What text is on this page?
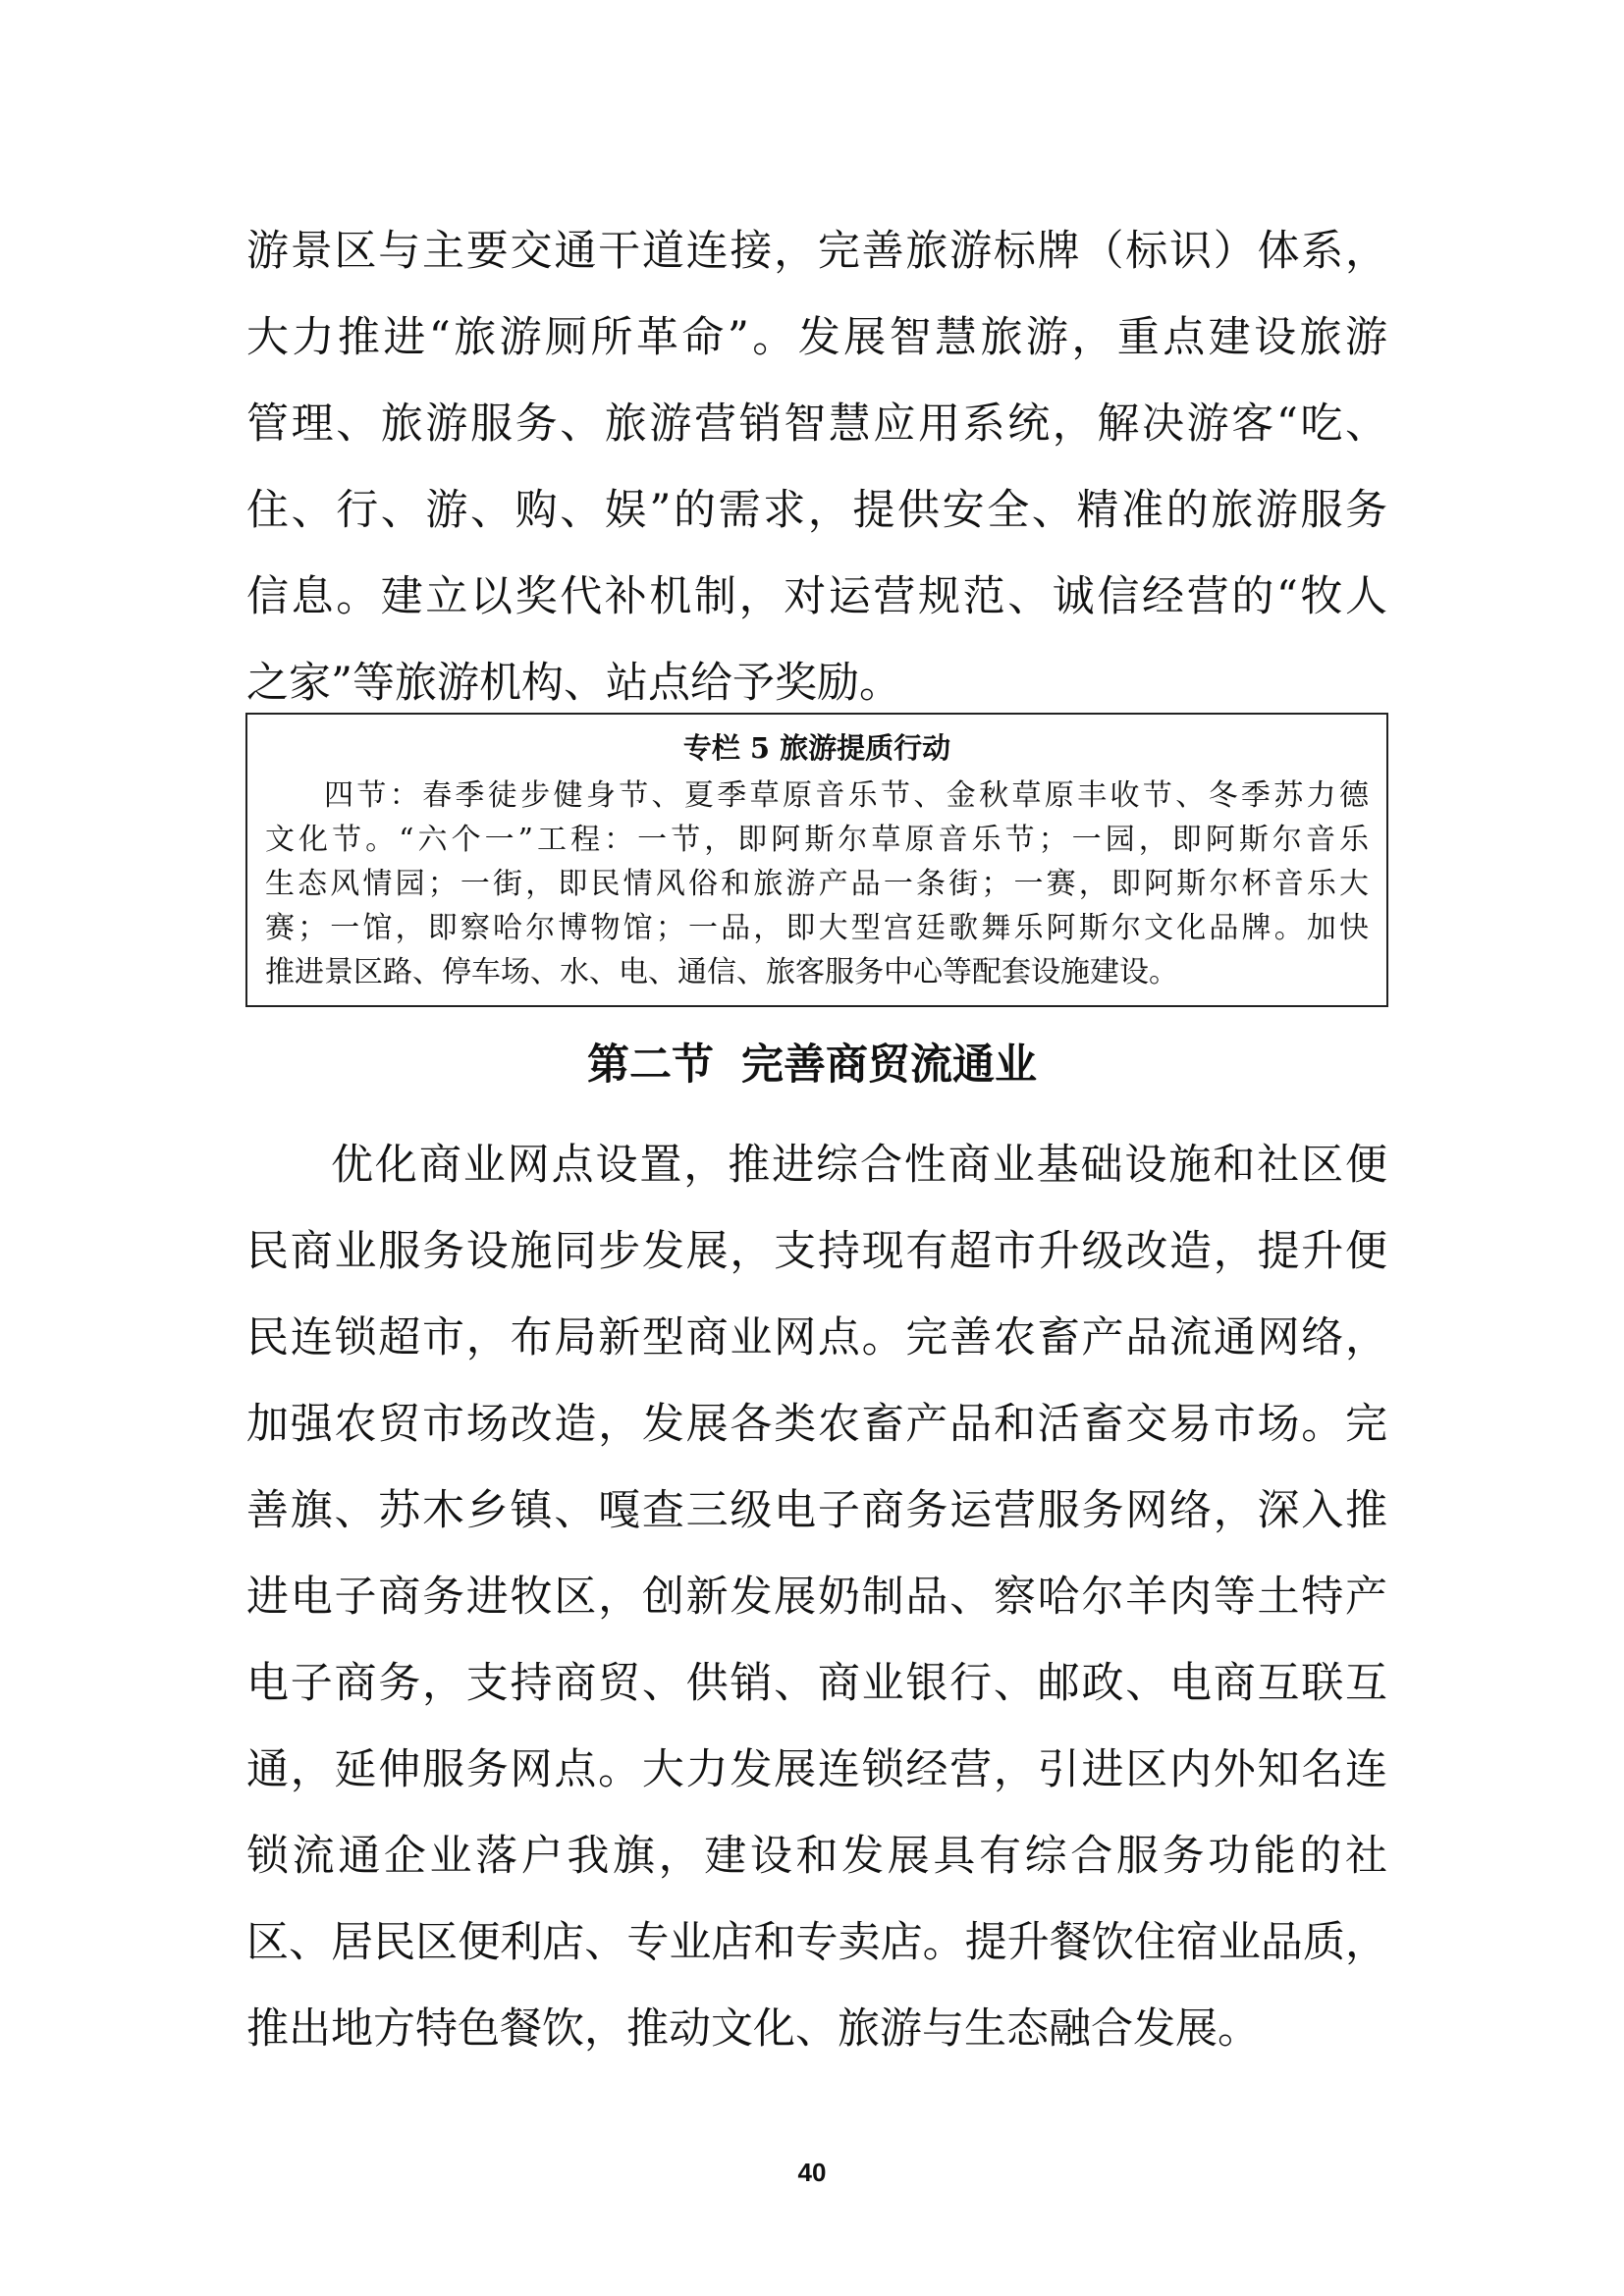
游景区与主要交通干道连接，完善旅游标牌（标识）体系，
大力推进“旅游厕所革命”。发展智慧旅游，重点建设旅游
管理、旅游服务、旅游营销智慧应用系统，解决游客“吃、
住、行、游、购、娱”的需求，提供安全、精准的旅游服务
信息。建立以奖代补机制，对运营规范、诚信经营的“牧人
之家”等旅游机构、站点给予奖励。
专栏 5 旅游提质行动
四节：春季徒步健身节、夏季草原音乐节、金秋草原丰收节、冬季苏力德
文化节。“六个一”工程：一节，即阿斯尔草原音乐节；一园，即阿斯尔音乐
生态风情园；一街，即民情风俗和旅游产品一条街；一赛，即阿斯尔杯音乐大
赛；一馆，即察哈尔博物馆；一品，即大型宫廷歌舞乐阿斯尔文化品牌。加快
推进景区路、停车场、水、电、通信、旅客服务中心等配套设施建设。
第二节 完善商贸流通业
优化商业网点设置，推进综合性商业基础设施和社区便
民商业服务设施同步发展，支持现有超市升级改造，提升便
民连锁超市，布局新型商业网点。完善农畜产品流通网络，
加强农贸市场改造，发展各类农畜产品和活畜交易市场。完
善旗、苏木乡镇、嘎查三级电子商务运营服务网络，深入推
进电子商务进牧区，创新发展奶制品、察哈尔羊肉等土特产
电子商务，支持商贸、供销、商业银行、邮政、电商互联互
通，延伸服务网点。大力发展连锁经营，引进区内外知名连
锁流通企业落户我旗，建设和发展具有综合服务功能的社
区、居民区便利店、专业店和专卖店。提升餐饮住宿业品质，
推出地方特色餐饮，推动文化、旅游与生态融合发展。
40
